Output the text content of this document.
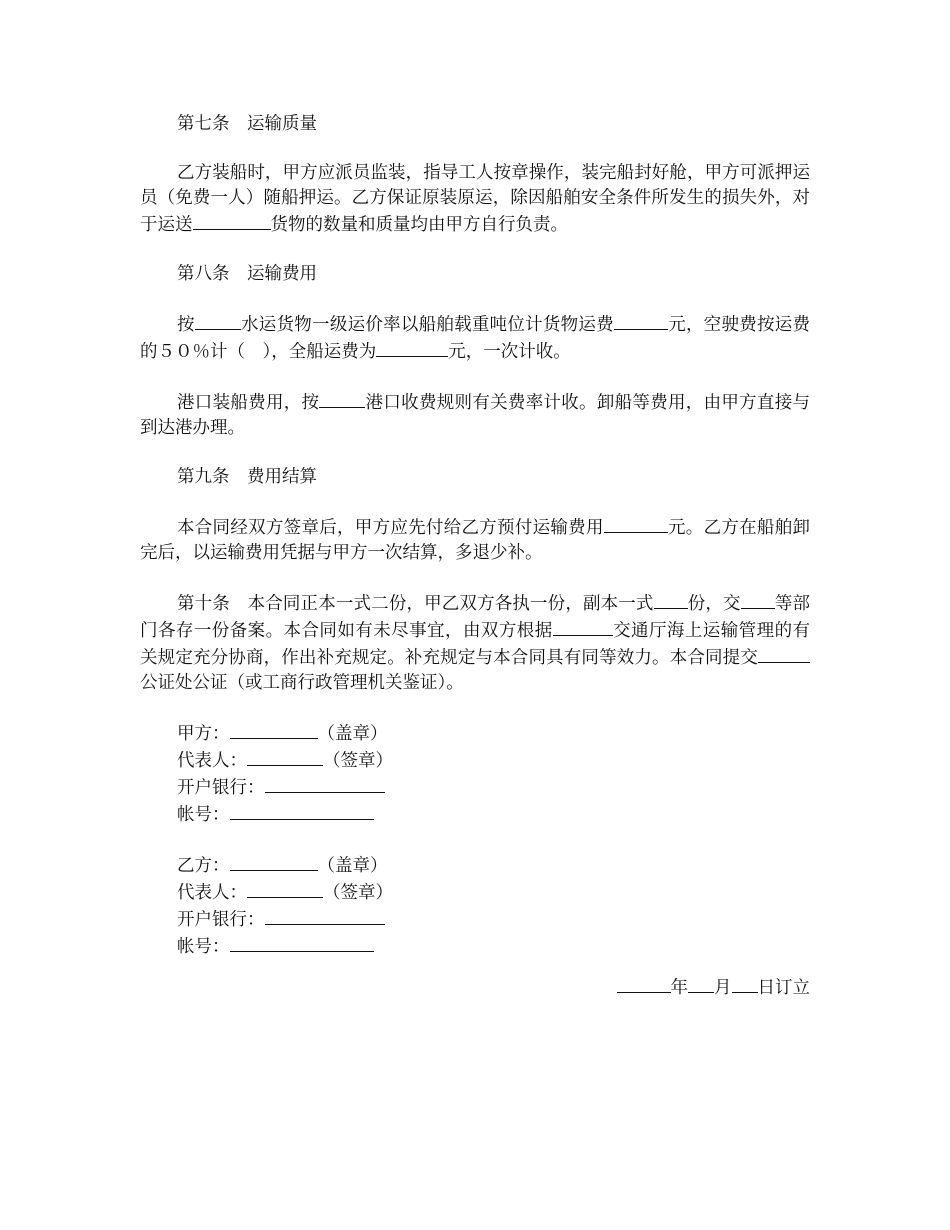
第七条　运输质量

乙方装船时，甲方应派员监装，指导工人按章操作，装完船封好舱，甲方可派押运员（免费一人）随船押运。乙方保证原装原运，除因船舶安全条件所发生的损失外，对于运送	货物的数量和质量均由甲方自行负责。

第八条　运输费用

按	水运货物一级运价率以船舶载重吨位计货物运费	元，空驶费按运费的５０％计（　），全船运费为	元，一次计收。

港口装船费用，按	港口收费规则有关费率计收。卸船等费用，由甲方直接与到达港办理。

第九条　费用结算

本合同经双方签章后，甲方应先付给乙方预付运输费用	元。乙方在船舶卸完后，以运输费用凭据与甲方一次结算，多退少补。

第十条　本合同正本一式二份，甲乙双方各执一份，副本一式 份，交 等部门各存一份备案。本合同如有未尽事宜，由双方根据	交通厅海上运输管理的有关规定充分协商，作出补充规定。补充规定与本合同具有同等效力。本合同提交公证处公证（或工商行政管理机关鉴证）。

甲方：	（盖章）

代表人：	（签章）

开户银行：

帐号：

乙方：	（盖章）

代表人：	（签章）

开户银行：

帐号：

年 月 日订立
